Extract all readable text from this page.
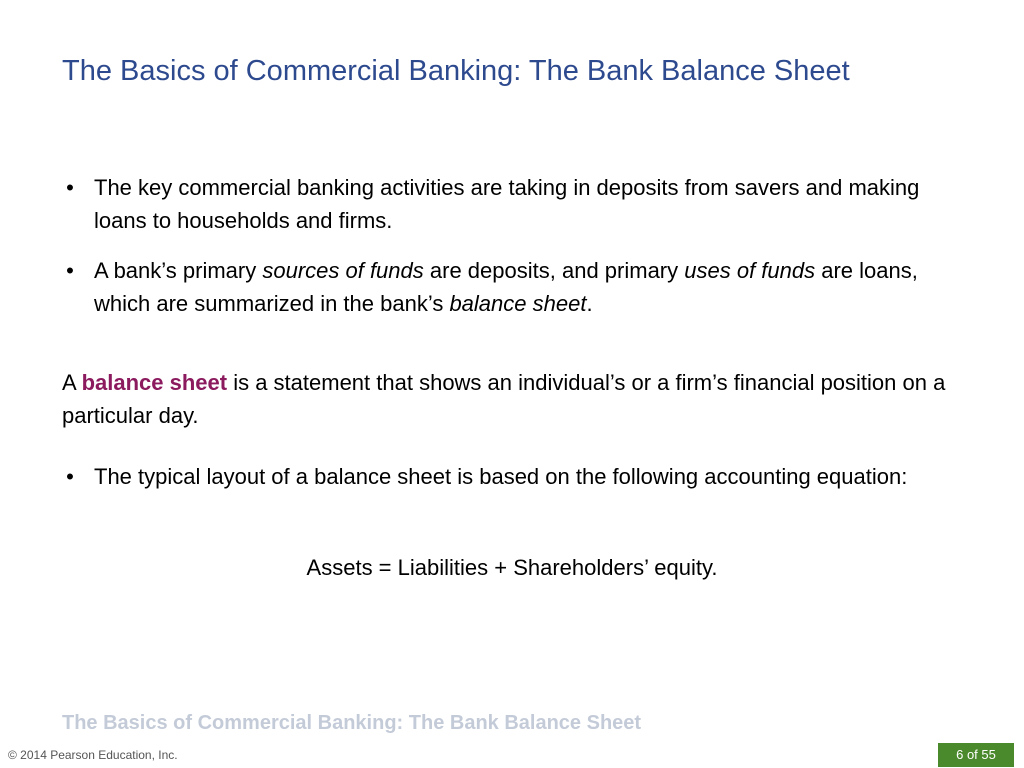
The Basics of Commercial Banking: The Bank Balance Sheet
• The key commercial banking activities are taking in deposits from savers and making loans to households and firms.
• A bank’s primary sources of funds are deposits, and primary uses of funds are loans, which are summarized in the bank’s balance sheet.
A balance sheet is a statement that shows an individual’s or a firm’s financial position on a particular day.
• The typical layout of a balance sheet is based on the following accounting equation:
Assets = Liabilities + Shareholders’ equity.
The Basics of Commercial Banking: The Bank Balance Sheet
© 2014 Pearson Education, Inc.	6 of 55
